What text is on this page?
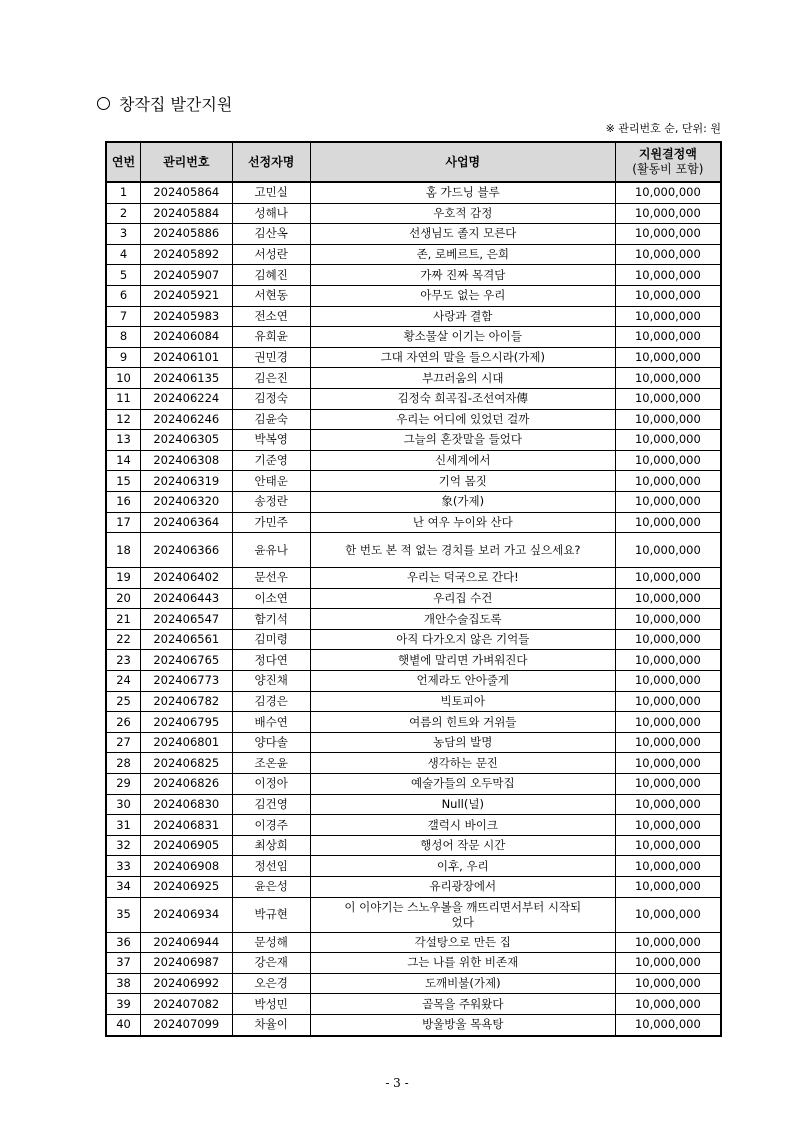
창작집 발간지원
※ 관리번호 순, 단위: 원
연번	관리번호	선정자명	사업명	지원결정액
(활동비 포함)

1	202405864	고민실	홈 가드닝 블루	10,000,000
2	202405884	성해나	우호적 감정	10,000,000
3	202405886	김산옥	선생님도 졸지 모른다	10,000,000
4	202405892	서성란	존, 로베르트, 은희	10,000,000
5	202405907	김혜진	가짜 진짜 목격담	10,000,000
6	202405921	서현동	아무도 없는 우리	10,000,000
7	202405983	전소연	사랑과 결함	10,000,000
8	202406084	유희윤	황소물살 이기는 아이들	10,000,000
9	202406101	권민경	그대 자연의 말을 들으시라(가제)	10,000,000
10	202406135	김은진	부끄러움의 시대	10,000,000
11	202406224	김정숙	김정숙 희곡집-조선여자傳	10,000,000
12	202406246	김윤숙	우리는 어디에 있었던 걸까	10,000,000
13	202406305	박복영	그늘의 혼잣말을 들었다	10,000,000
14	202406308	기준영	신세계에서	10,000,000
15	202406319	안태운	기억 몸짓	10,000,000
16	202406320	송정란	象(가제)	10,000,000
17	202406364	가민주	난 여우 누이와 산다	10,000,000
18	202406366	윤유나	한 번도 본 적 없는 경치를 보러 가고 싶으세요?	10,000,000
19	202406402	문선우	우리는 덕국으로 간다!	10,000,000
20	202406443	이소연	우리집 수건	10,000,000
21	202406547	함기석	개안수술집도록	10,000,000
22	202406561	김미령	아직 다가오지 않은 기억들	10,000,000
23	202406765	정다연	햇볕에 말리면 가벼워진다	10,000,000
24	202406773	양진채	언제라도 안아줄게	10,000,000
25	202406782	김경은	빅토피아	10,000,000
26	202406795	배수연	여름의 힌트와 거위들	10,000,000
27	202406801	양다솔	농담의 발명	10,000,000
28	202406825	조온윤	생각하는 문진	10,000,000
29	202406826	이정아	예술가들의 오두막집	10,000,000
30	202406830	김건영	Null(널)	10,000,000
31	202406831	이경주	갤럭시 바이크	10,000,000
32	202406905	최상희	행성어 작문 시간	10,000,000
33	202406908	정선임	이후, 우리	10,000,000
34	202406925	윤은성	유리광장에서	10,000,000
35	202406934	박규현	이 이야기는 스노우볼을 깨뜨리면서부터 시작되었다	10,000,000
36	202406944	문성해	각설탕으로 만든 집	10,000,000
37	202406987	강은재	그는 나를 위한 비존재	10,000,000
38	202406992	오은경	도깨비불(가제)	10,000,000
39	202407082	박성민	골목을 주워왔다	10,000,000
40	202407099	차율이	방울방울 목욕탕	10,000,000
- 3 -
